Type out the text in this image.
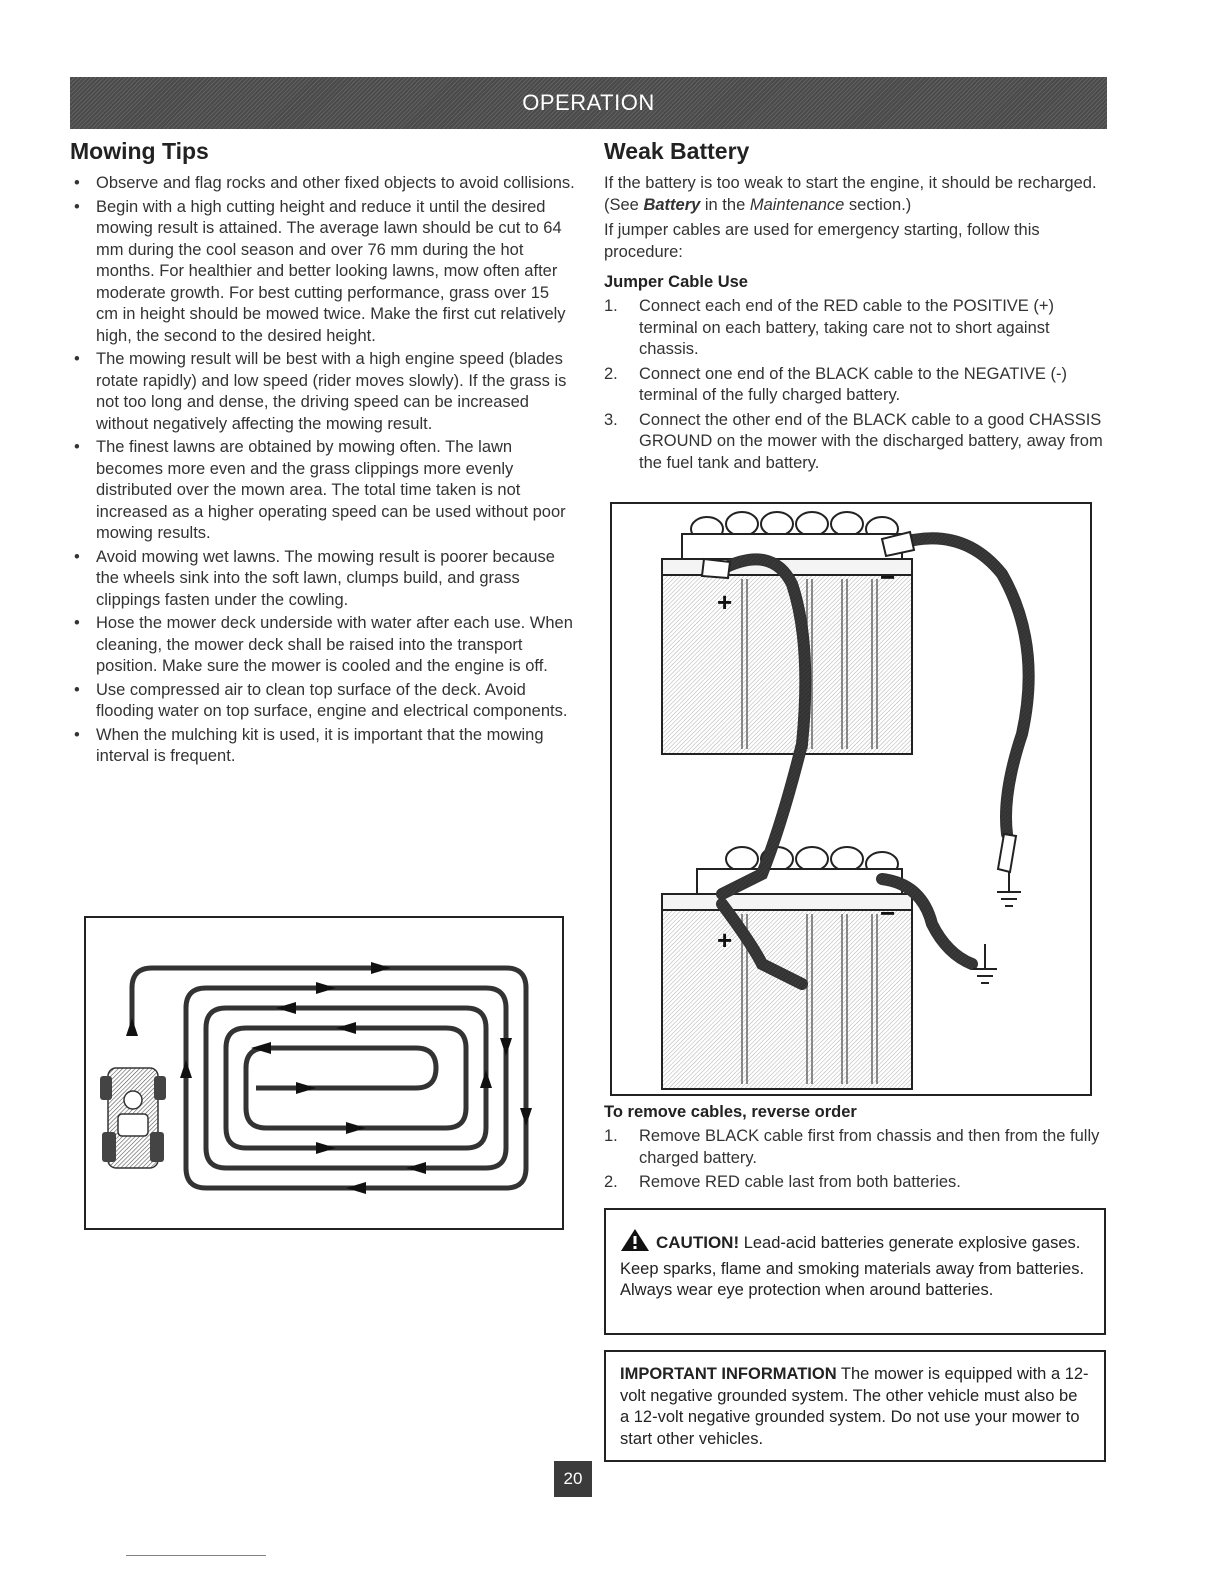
OPERATION
Mowing Tips
• Observe and flag rocks and other fixed objects to avoid collisions.
• Begin with a high cutting height and reduce it until the desired mowing result is attained. The average lawn should be cut to 64 mm during the cool season and over 76 mm during the hot months. For healthier and better looking lawns, mow often after moderate growth. For best cutting performance, grass over 15 cm in height should be mowed twice. Make the first cut relatively high, the second to the desired height.
• The mowing result will be best with a high engine speed (blades rotate rapidly) and low speed (rider moves slowly). If the grass is not too long and dense, the driving speed can be increased without negatively affecting the mowing result.
• The finest lawns are obtained by mowing often. The lawn becomes more even and the grass clippings more evenly distributed over the mown area. The total time taken is not increased as a higher operating speed can be used without poor mowing results.
• Avoid mowing wet lawns. The mowing result is poorer because the wheels sink into the soft lawn, clumps build, and grass clippings fasten under the cowling.
• Hose the mower deck underside with water after each use. When cleaning, the mower deck shall be raised into the transport position. Make sure the mower is cooled and the engine is off.
• Use compressed air to clean top surface of the deck. Avoid flooding water on top surface, engine and electrical components.
• When the mulching kit is used, it is important that the mowing interval is frequent.
Weak Battery

If the battery is too weak to start the engine, it should be recharged. (See Battery in the Maintenance section.)

If jumper cables are used for emergency starting, follow this procedure:

Jumper Cable Use
1. Connect each end of the RED cable to the POSITIVE (+) terminal on each battery, taking care not to short against chassis.
2. Connect one end of the BLACK cable to the NEGATIVE (-) terminal of the fully charged battery.
3. Connect the other end of the BLACK cable to a good CHASSIS GROUND on the mower with the discharged battery, away from the fuel tank and battery.
+
−
+
−
To remove cables, reverse order
1. Remove BLACK cable first from chassis and then from the fully charged battery.
2. Remove RED cable last from both batteries.
CAUTION! Lead-acid batteries generate explosive gases. Keep sparks, flame and smoking materials away from batteries. Always wear eye protection when around batteries.
IMPORTANT INFORMATION The mower is equipped with a 12-volt negative grounded system. The other vehicle must also be a 12-volt negative grounded system. Do not use your mower to start other vehicles.
20
